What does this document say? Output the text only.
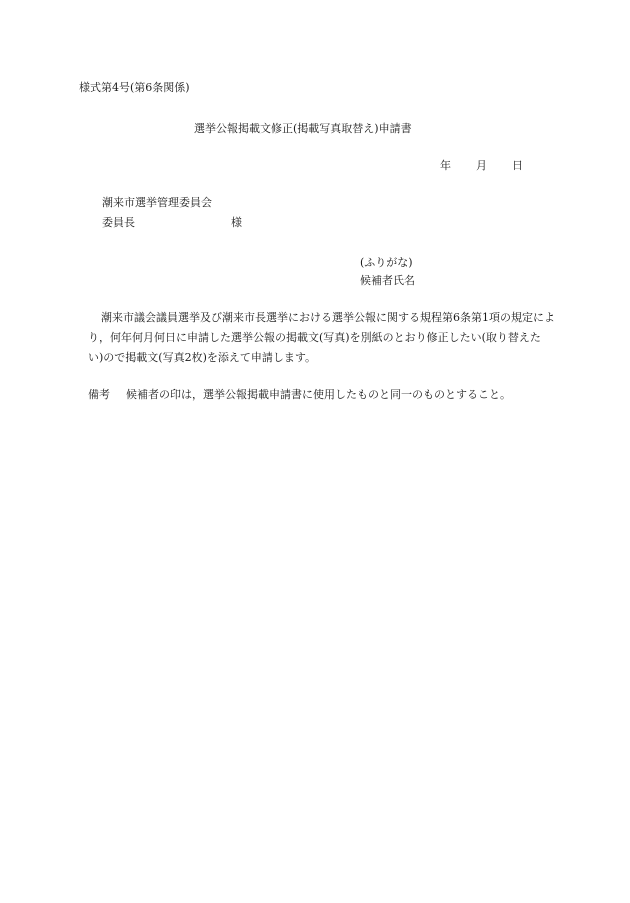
様式第4号(第6条関係)
選挙公報掲載文修正(掲載写真取替え)申請書
年 月 日
潮来市選挙管理委員会
委員長	様
(ふりがな)
候補者氏名
潮来市議会議員選挙及び潮来市長選挙における選挙公報に関する規程第6条第1項の規定により，何年何月何日に申請した選挙公報の掲載文(写真)を別紙のとおり修正したい(取り替えたい)ので掲載文(写真2枚)を添えて申請します。
備考 候補者の印は，選挙公報掲載申請書に使用したものと同一のものとすること。
